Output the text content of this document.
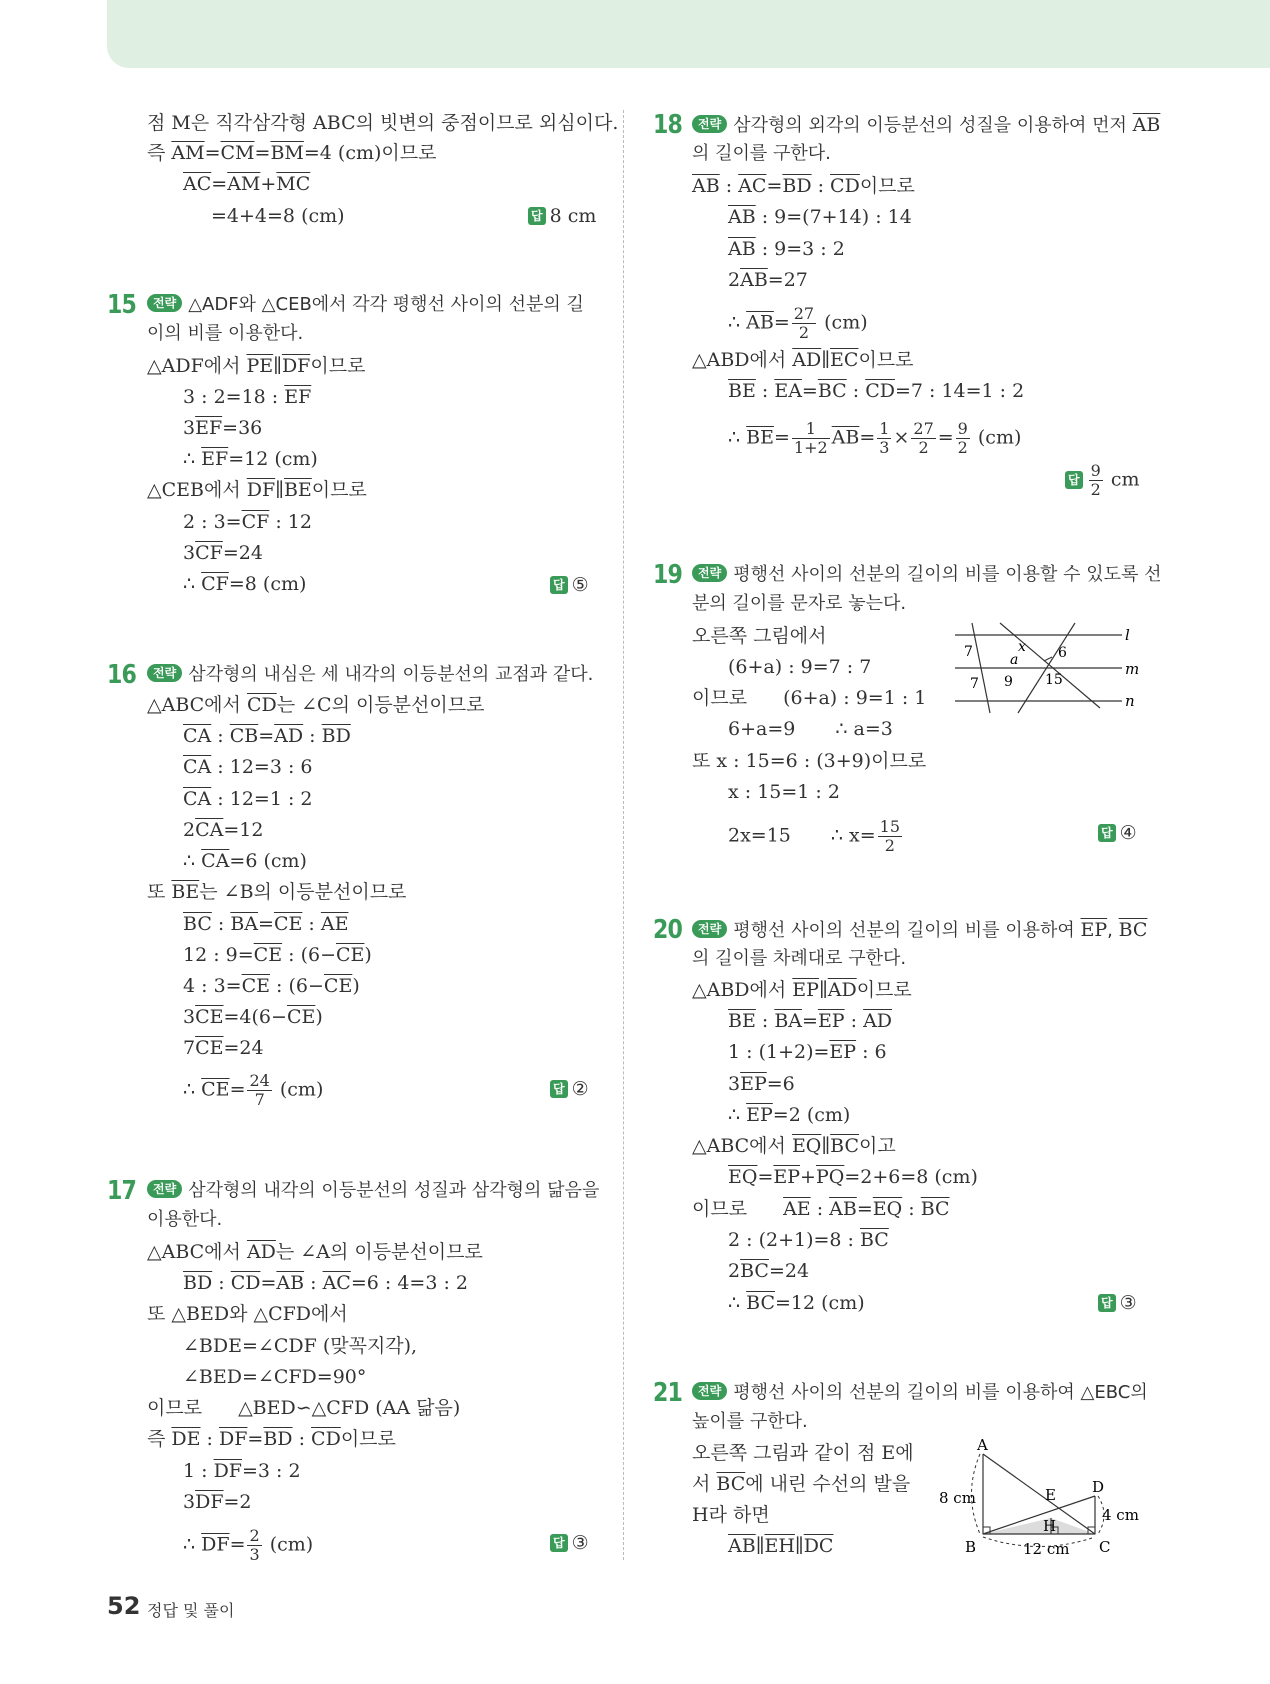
점 M은 직각삼각형 ABC의 빗변의 중점이므로 외심이다.
즉 $\overline{AM}=\overline{CM}=\overline{BM}=4$ (cm)이므로
$\overline{AC}=\overline{AM}+\overline{MC}$
=4+4=8 (cm)	답 8 cm
15	전략 △ADF와 △CEB에서 각각 평행선 사이의 선분의 길
이의 비를 이용한다.
△ADF에서 $\overline{PE}\parallel\overline{DF}$이므로
3 : 2=18 : $\overline{EF}$
$3\overline{EF}=36$
∴ $\overline{EF}=12$ (cm)
△CEB에서 $\overline{DF}\parallel\overline{BE}$이므로
2 : $3=\overline{CF}$ : 12
$3\overline{CF}=24$
∴ $\overline{CF}=8$ (cm)	답 ⑤
16	전략 삼각형의 내심은 세 내각의 이등분선의 교점과 같다.
△ABC에서 $\overline{CD}$는 ∠C의 이등분선이므로
$\overline{CA}$ : $\overline{CB}=\overline{AD}$ : $\overline{BD}$
$\overline{CA}$ : 12=3 : 6
$\overline{CA}$ : 12=1 : 2
$2\overline{CA}=12$
∴ $\overline{CA}=6$ (cm)
또 $\overline{BE}$는 ∠B의 이등분선이므로
$\overline{BC}$ : $\overline{BA}=\overline{CE}$ : $\overline{AE}$
12 : $9=\overline{CE}$ : $(6-\overline{CE})$
4 : $3=\overline{CE}$ : $(6-\overline{CE})$
$3\overline{CE}=4(6-\overline{CE})$
$7\overline{CE}=24$
∴ $\overline{CE}= \frac{24}{7} (cm)$	답 ②
17	전략 삼각형의 내각의 이등분선의 성질과 삼각형의 닮음을
이용한다.
△ABC에서 $\overline{AD}$는 ∠A의 이등분선이므로
$\overline{BD}$ : $\overline{CD}=\overline{AB}$ : $\overline{AC}=6$ : 4=3 : 2
또 △BED와 △CFD에서
∠BDE=∠CDF (맞꼭지각),
∠BED=∠CFD=90°
이므로 △BED∽△CFD (AA 닮음)
즉 $\overline{DE}$ : $\overline{DF}=\overline{BD}$ : $\overline{CD}$이므로
1 : $\overline{DF}=3$ : 2
$3\overline{DF}=2$
∴ $\overline{DF}= \frac{2}{3} (cm)$	답 ③
18	전략 삼각형의 외각의 이등분선의 성질을 이용하여 먼저 $\overline{AB}$
의 길이를 구한다.
$\overline{AB}$ : $\overline{AC}=\overline{BD}$ : $\overline{CD}$이므로
$\overline{AB}$ : 9=(7+14) : 14
$\overline{AB}$ : 9=3 : 2
$2\overline{AB}=27$
∴ $\overline{AB}= \frac{27}{2} (cm)$
△ABD에서 $\overline{AD}\parallel\overline{EC}$이므로
$\overline{BE}$ : $\overline{EA}=\overline{BC}$ : $\overline{CD}=7$ : 14=1 : 2
∴ $\overline{BE}= \frac{1}{1+2} \overline{AB}= \frac{1}{3} \times \frac{27}{2} = \frac{9}{2} (cm)$
답 $\frac{9}{2}$ cm
19	전략 평행선 사이의 선분의 길이의 비를 이용할 수 있도록 선
분의 길이를 문자로 놓는다.
오른쪽 그림에서
(6+a) : 9=7 : 7
이므로 (6+a) : 9=1 : 1
6+a=9 ∴ a=3
또 x : 15=6 : (3+9)이므로
x : 15=1 : 2
2x=15 ∴ $x= \frac{15}{2}$	답 ④
l
m
n
7
7 9
x
a	6
15
20	전략 평행선 사이의 선분의 길이의 비를 이용하여 $\overline{EP}$, $\overline{BC}$
의 길이를 차례대로 구한다.
△ABD에서 $\overline{EP}\parallel\overline{AD}$이므로
$\overline{BE}$ : $\overline{BA}=\overline{EP}$ : $\overline{AD}$
1 : $(1+2)=\overline{EP}$ : 6
$3\overline{EP}=6$
∴ $\overline{EP}=2$ (cm)
△ABC에서 $\overline{EQ}\parallel\overline{BC}$이고
$\overline{EQ}=\overline{EP}+\overline{PQ}=2+6=8$ (cm)
이므로 $\overline{AE}$ : $\overline{AB}=\overline{EQ}$ : $\overline{BC}$
2 : (2+1)=8 : $\overline{BC}$
$2\overline{BC}=24$
∴ $\overline{BC}=12$ (cm)	답 ③
21	전략 평행선 사이의 선분의 길이의 비를 이용하여 △EBC의
높이를 구한다.
오른쪽 그림과 같이 점 E에
서 $\overline{BC}$에 내린 수선의 발을
H라 하면
$\overline{AB}\parallel\overline{EH}\parallel\overline{DC}$
A
B	C
D
E
H
8 cm
4 cm
12 cm
52 정답 및 풀이
